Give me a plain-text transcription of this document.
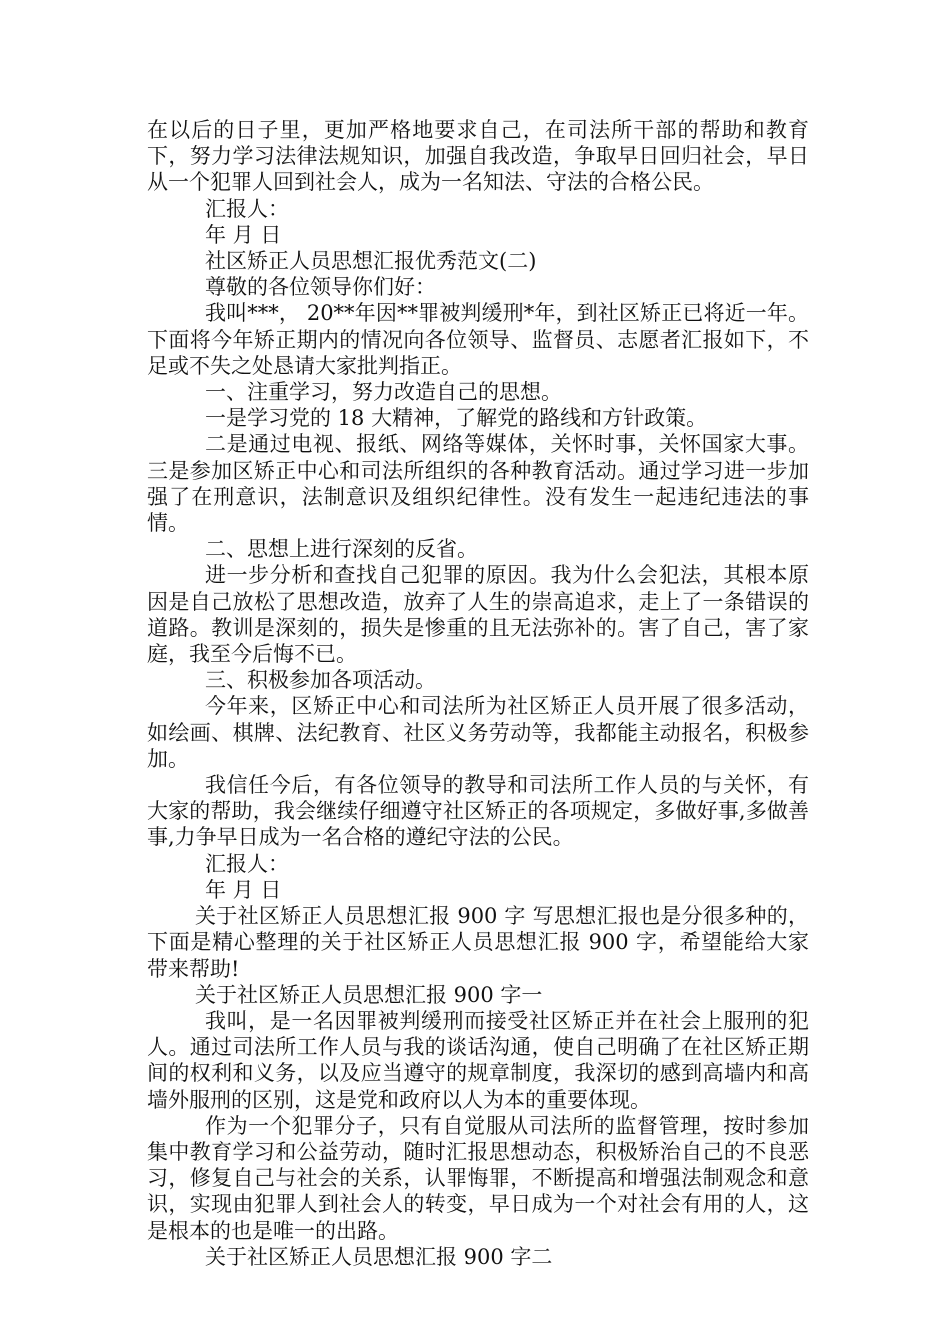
在以后的日子里，更加严格地要求自己，在司法所干部的帮助和教育下，努力学习法律法规知识，加强自我改造，争取早日回归社会，早日从一个犯罪人回到社会人，成为一名知法、守法的合格公民。

汇报人：

年 月 日

社区矫正人员思想汇报优秀范文(二)

尊敬的各位领导你们好：

我叫***， 20**年因**罪被判缓刑*年，到社区矫正已将近一年。 下面将今年矫正期内的情况向各位领导、监督员、志愿者汇报如下，不足或不失之处恳请大家批判指正。

一、注重学习，努力改造自己的思想。

一是学习党的 18 大精神，了解党的路线和方针政策。

二是通过电视、报纸、网络等媒体，关怀时事，关怀国家大事。 三是参加区矫正中心和司法所组织的各种教育活动。通过学习进一步加强了在刑意识，法制意识及组织纪律性。没有发生一起违纪违法的事情。

二、思想上进行深刻的反省。

进一步分析和查找自己犯罪的原因。我为什么会犯法，其根本原因是自己放松了思想改造，放弃了人生的崇高追求，走上了一条错误的道路。教训是深刻的，损失是惨重的且无法弥补的。害了自己，害了家庭，我至今后悔不已。

三、积极参加各项活动。

今年来，区矫正中心和司法所为社区矫正人员开展了很多活动，如绘画、棋牌、法纪教育、社区义务劳动等，我都能主动报名，积极参加。

我信任今后，有各位领导的教导和司法所工作人员的与关怀，有大家的帮助，我会继续仔细遵守社区矫正的各项规定，多做好事,多做善事,力争早日成为一名合格的遵纪守法的公民。

汇报人：

年 月 日

关于社区矫正人员思想汇报 900 字 写思想汇报也是分很多种的，下面是精心整理的关于社区矫正人员思想汇报 900 字，希望能给大家带来帮助!

关于社区矫正人员思想汇报 900 字一

我叫，是一名因罪被判缓刑而接受社区矫正并在社会上服刑的犯人。通过司法所工作人员与我的谈话沟通，使自己明确了在社区矫正期间的权利和义务，以及应当遵守的规章制度，我深切的感到高墙内和高墙外服刑的区别，这是党和政府以人为本的重要体现。

作为一个犯罪分子，只有自觉服从司法所的监督管理，按时参加集中教育学习和公益劳动，随时汇报思想动态，积极矫治自己的不良恶习，修复自己与社会的关系，认罪悔罪，不断提高和增强法制观念和意识，实现由犯罪人到社会人的转变，早日成为一个对社会有用的人，这是根本的也是唯一的出路。

关于社区矫正人员思想汇报 900 字二
